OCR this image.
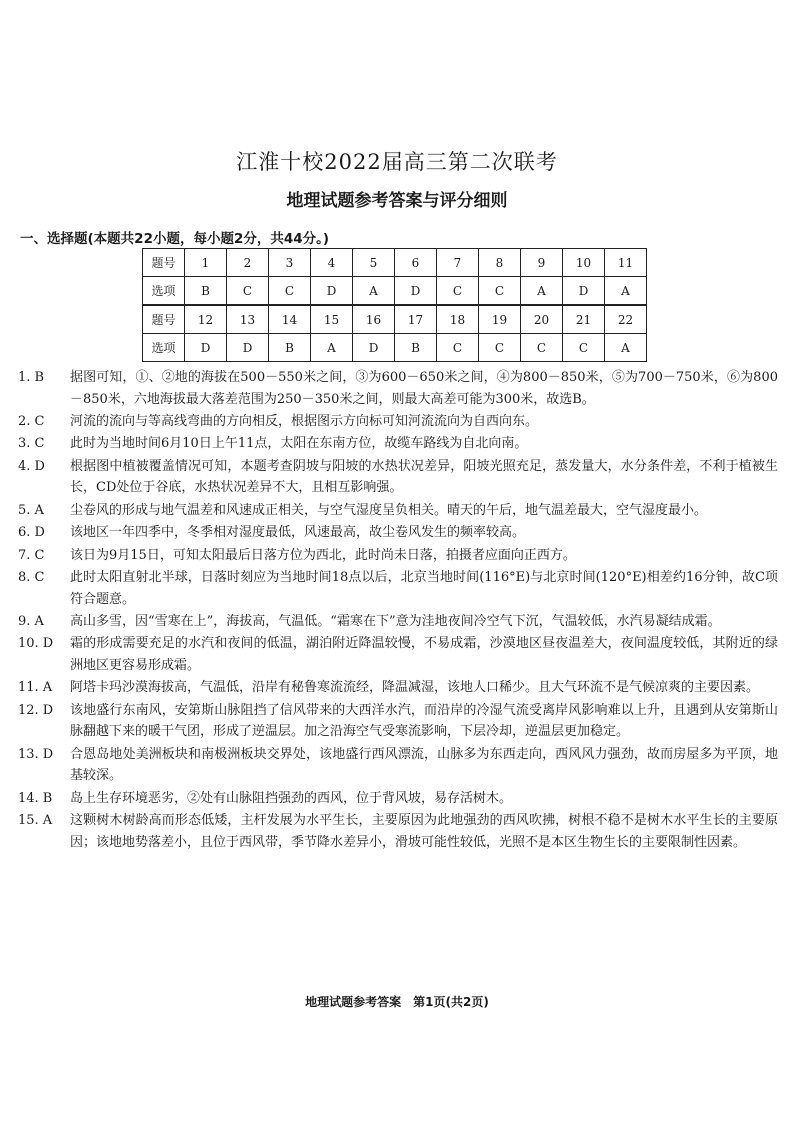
江淮十校2022届高三第二次联考
地理试题参考答案与评分细则
一、选择题(本题共22小题，每小题2分，共44分。)
题号	1	2	3	4	5	6	7	8	9	10	11
选项	B	C	C	D	A	D	C	C	A	D	A
题号	12	13	14	15	16	17	18	19	20	21	22
选项	D	D	B	A	D	B	C	C	C	C	A
1. B	据图可知，①、②地的海拔在500－550米之间，③为600－650米之间，④为800－850米，⑤为700－750米，⑥为800－850米，六地海拔最大落差范围为250－350米之间，则最大高差可能为300米，故选B。
2. C	河流的流向与等高线弯曲的方向相反，根据图示方向标可知河流流向为自西向东。
3. C	此时为当地时间6月10日上午11点，太阳在东南方位，故缆车路线为自北向南。
4. D	根据图中植被覆盖情况可知，本题考查阴坡与阳坡的水热状况差异，阳坡光照充足，蒸发量大，水分条件差，不利于植被生长，CD处位于谷底，水热状况差异不大，且相互影响强。
5. A	尘卷风的形成与地气温差和风速成正相关，与空气湿度呈负相关。晴天的午后，地气温差最大，空气湿度最小。
6. D	该地区一年四季中，冬季相对湿度最低，风速最高，故尘卷风发生的频率较高。
7. C	该日为9月15日，可知太阳最后日落方位为西北，此时尚未日落，拍摄者应面向正西方。
8. C	此时太阳直射北半球，日落时刻应为当地时间18点以后，北京当地时间(116°E)与北京时间(120°E)相差约16分钟，故C项符合题意。
9. A	高山多雪，因“雪寒在上”，海拔高，气温低。“霜寒在下”意为洼地夜间冷空气下沉，气温较低，水汽易凝结成霜。
10. D	霜的形成需要充足的水汽和夜间的低温，湖泊附近降温较慢，不易成霜，沙漠地区昼夜温差大，夜间温度较低，其附近的绿洲地区更容易形成霜。
11. A	阿塔卡玛沙漠海拔高，气温低，沿岸有秘鲁寒流流经，降温减湿，该地人口稀少。且大气环流不是气候凉爽的主要因素。
12. D	该地盛行东南风，安第斯山脉阻挡了信风带来的大西洋水汽，而沿岸的冷湿气流受离岸风影响难以上升，且遇到从安第斯山脉翻越下来的暖干气团，形成了逆温层。加之沿海空气受寒流影响，下层冷却，逆温层更加稳定。
13. D	合恩岛地处美洲板块和南极洲板块交界处，该地盛行西风漂流，山脉多为东西走向，西风风力强劲，故而房屋多为平顶，地基较深。
14. B	岛上生存环境恶劣，②处有山脉阻挡强劲的西风，位于背风坡，易存活树木。
15. A	这颗树木树龄高而形态低矮，主杆发展为水平生长，主要原因为此地强劲的西风吹拂，树根不稳不是树木水平生长的主要原因；该地地势落差小，且位于西风带，季节降水差异小，滑坡可能性较低，光照不是本区生物生长的主要限制性因素。
地理试题参考答案　第1页(共2页)
